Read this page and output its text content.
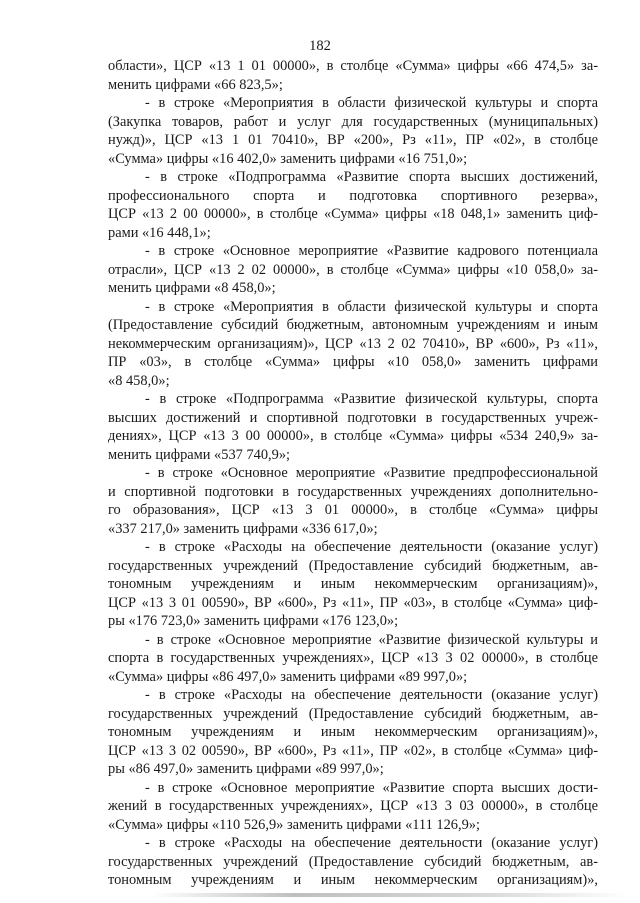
182
области», ЦСР «13 1 01 00000», в столбце «Сумма» цифры «66 474,5» за-
менить цифрами «66 823,5»;
- в строке «Мероприятия в области физической культуры и спорта
(Закупка товаров, работ и услуг для государственных (муниципальных)
нужд)», ЦСР «13 1 01 70410», ВР «200», Рз «11», ПР «02», в столбце
«Сумма» цифры «16 402,0» заменить цифрами «16 751,0»;
- в строке «Подпрограмма «Развитие спорта высших достижений,
профессионального спорта и подготовка спортивного резерва»,
ЦСР «13 2 00 00000», в столбце «Сумма» цифры «18 048,1» заменить циф-
рами «16 448,1»;
- в строке «Основное мероприятие «Развитие кадрового потенциала
отрасли», ЦСР «13 2 02 00000», в столбце «Сумма» цифры «10 058,0» за-
менить цифрами «8 458,0»;
- в строке «Мероприятия в области физической культуры и спорта
(Предоставление субсидий бюджетным, автономным учреждениям и иным
некоммерческим организациям)», ЦСР «13 2 02 70410», ВР «600», Рз «11»,
ПР «03», в столбце «Сумма» цифры «10 058,0» заменить цифрами
«8 458,0»;
- в строке «Подпрограмма «Развитие физической культуры, спорта
высших достижений и спортивной подготовки в государственных учреж-
дениях», ЦСР «13 3 00 00000», в столбце «Сумма» цифры «534 240,9» за-
менить цифрами «537 740,9»;
- в строке «Основное мероприятие «Развитие предпрофессиональной
и спортивной подготовки в государственных учреждениях дополнительно-
го образования», ЦСР «13 3 01 00000», в столбце «Сумма» цифры
«337 217,0» заменить цифрами «336 617,0»;
- в строке «Расходы на обеспечение деятельности (оказание услуг)
государственных учреждений (Предоставление субсидий бюджетным, ав-
тономным учреждениям и иным некоммерческим организациям)»,
ЦСР «13 3 01 00590», ВР «600», Рз «11», ПР «03», в столбце «Сумма» циф-
ры «176 723,0» заменить цифрами «176 123,0»;
- в строке «Основное мероприятие «Развитие физической культуры и
спорта в государственных учреждениях», ЦСР «13 3 02 00000», в столбце
«Сумма» цифры «86 497,0» заменить цифрами «89 997,0»;
- в строке «Расходы на обеспечение деятельности (оказание услуг)
государственных учреждений (Предоставление субсидий бюджетным, ав-
тономным учреждениям и иным некоммерческим организациям)»,
ЦСР «13 3 02 00590», ВР «600», Рз «11», ПР «02», в столбце «Сумма» циф-
ры «86 497,0» заменить цифрами «89 997,0»;
- в строке «Основное мероприятие «Развитие спорта высших дости-
жений в государственных учреждениях», ЦСР «13 3 03 00000», в столбце
«Сумма» цифры «110 526,9» заменить цифрами «111 126,9»;
- в строке «Расходы на обеспечение деятельности (оказание услуг)
государственных учреждений (Предоставление субсидий бюджетным, ав-
тономным учреждениям и иным некоммерческим организациям)»,
